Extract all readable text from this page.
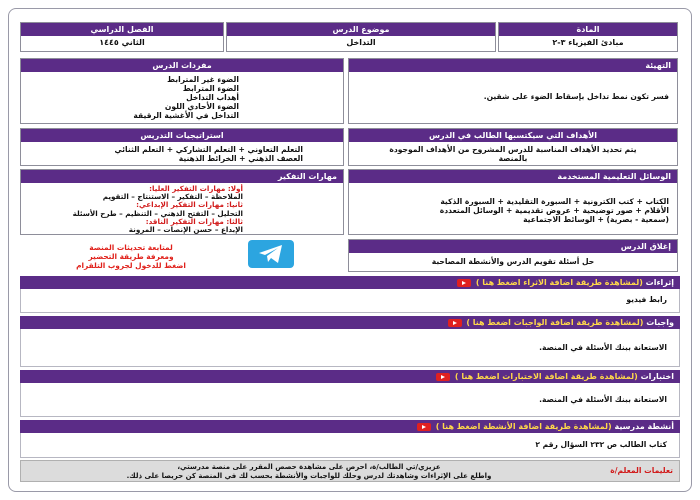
المادة
مبادئ الفيزياء ٣-٢
موضوع الدرس
التداخل
الفصل الدراسي
الثاني ١٤٤٥
التهيئة
فسر تكون نمط تداخل بإسقاط الضوء على شقين.
الأهداف التي سيكتسبها الطالب في الدرس
يتم تحديد الأهداف المناسبة للدرس المشروح من الأهداف الموجودة
بالمنصة
الوسائل التعليمية المستخدمة
الكتاب + كتب الكترونية + السبورة التقليدية + السبورة الذكية
الأقلام + صور توضيحية + عروض تقديمية + الوسائل المتعددة
(سمعية - بصرية) + الوسائط الاجتماعية
إغلاق الدرس
حل أسئلة تقويم الدرس والأنشطة المصاحبة
مفردات الدرس
الضوء غير المترابط
الضوء المترابط
أهداب التداخل
الضوء الأحادي اللون
التداخل في الأغشية الرقيقة
استراتيجيات التدريس
التعلم التعاوني + التعلم التشاركي + التعلم الثنائي
العصف الذهني + الخرائط الذهنية
مهارات التفكير
أولا: مهارات التفكير العليا:
الملاحظة – التفكير – الاستنتاج – التقويم
ثانيا: مهارات التفكير الإبداعي:
التحليل – التفتح الذهني – التنظيم – طرح الأسئلة
ثالثا: مهارات التفكير الناقد:
الإبداع – حسن الإنصات – المرونة
لمتابعة تحديثات المنصة
ومعرفة طريقة التحضير
اضغط للدخول لجروب التلقرام
إثراءات (لمشاهدة طريقة اضافة الاثراء اضغط هنا )
رابط فيديو
واجبات (لمشاهدة طريقة اضافة الواجبات اضغط هنا )
الاستعانة ببنك الأسئلة في المنصة.
اختبارات (لمشاهدة طريقة اضافة الاختبارات اضغط هنا )
الاستعانة ببنك الأسئلة في المنصة.
أنشطة مدرسية (لمشاهدة طريقة اضافة الأنشطة اضغط هنا )
كتاب الطالب ص ٢٣٢ السؤال رقم ٢
تعليمات المعلم/ة
عزيزي/تي الطالب/ة، احرص على مشاهدة حصص المقرر على منصة مدرستي،
واطلع على الإثراءات وشاهدتك لدرس وحلك للواجبات والأنشطة بحسب لك في المنصة كن حريصا على ذلك.
